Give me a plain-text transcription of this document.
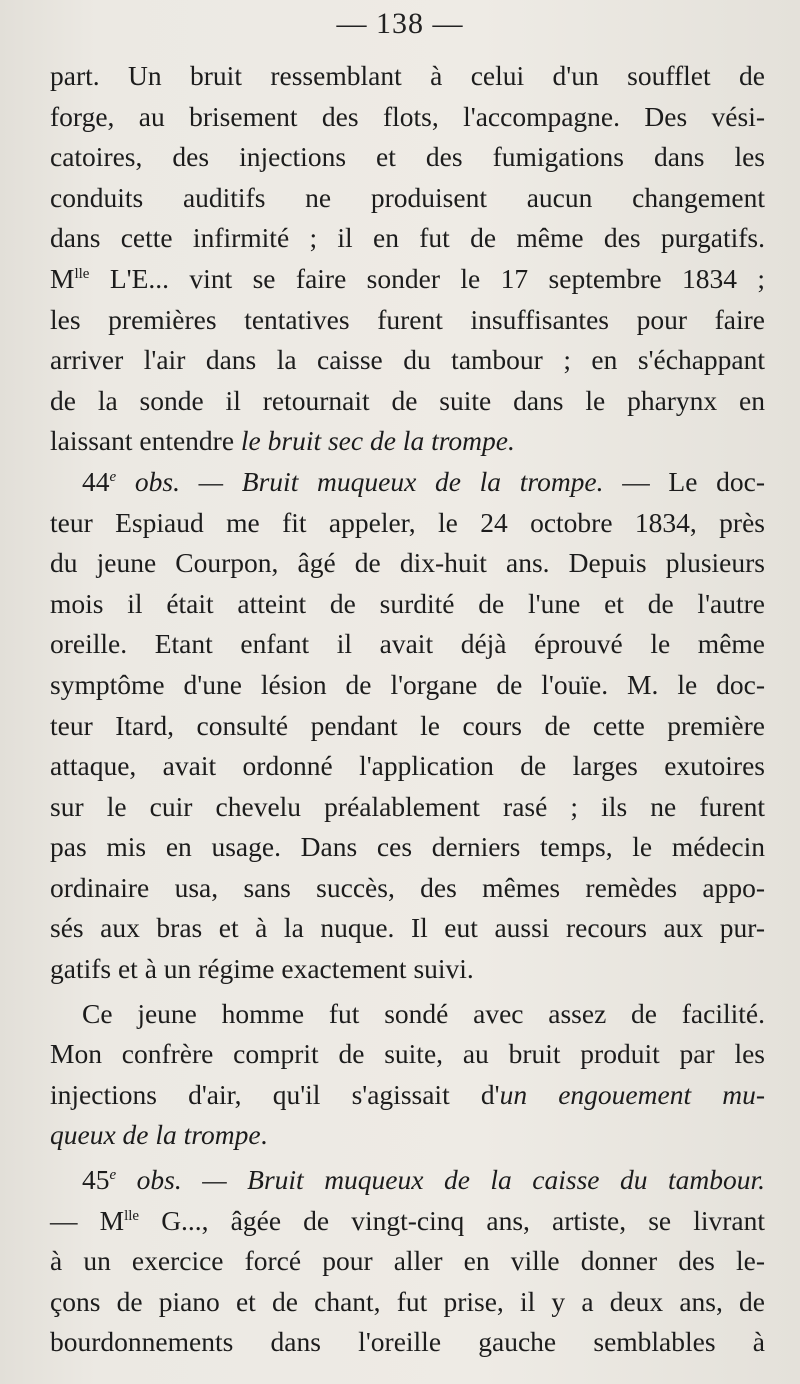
— 138 —
part. Un bruit ressemblant à celui d'un soufflet de
forge, au brisement des flots, l'accompagne. Des vési-
catoires, des injections et des fumigations dans les
conduits auditifs ne produisent aucun changement
dans cette infirmité ; il en fut de même des purgatifs.
$M^{lle}$ L'E... vint se faire sonder le 17 septembre 1834 ;
les premières tentatives furent insuffisantes pour faire
arriver l'air dans la caisse du tambour ; en s'échappant
de la sonde il retournait de suite dans le pharynx en
laissant entendre le bruit sec de la trompe.
44e obs. — Bruit muqueux de la trompe. — Le doc-
teur Espiaud me fit appeler, le 24 octobre 1834, près
du jeune Courpon, âgé de dix-huit ans. Depuis plusieurs
mois il était atteint de surdité de l'une et de l'autre
oreille. Etant enfant il avait déjà éprouvé le même
symptôme d'une lésion de l'organe de l'ouïe. M. le doc-
teur Itard, consulté pendant le cours de cette première
attaque, avait ordonné l'application de larges exutoires
sur le cuir chevelu préalablement rasé ; ils ne furent
pas mis en usage. Dans ces derniers temps, le médecin
ordinaire usa, sans succès, des mêmes remèdes appo-
sés aux bras et à la nuque. Il eut aussi recours aux pur-
gatifs et à un régime exactement suivi.
Ce jeune homme fut sondé avec assez de facilité.
Mon confrère comprit de suite, au bruit produit par les
injections d'air, qu'il s'agissait d'un engouement mu-
queux de la trompe.
45e obs. — Bruit muqueux de la caisse du tambour.
— $M^{lle}$ G..., âgée de vingt-cinq ans, artiste, se livrant
à un exercice forcé pour aller en ville donner des le-
çons de piano et de chant, fut prise, il y a deux ans, de
bourdonnements dans l'oreille gauche semblables à
